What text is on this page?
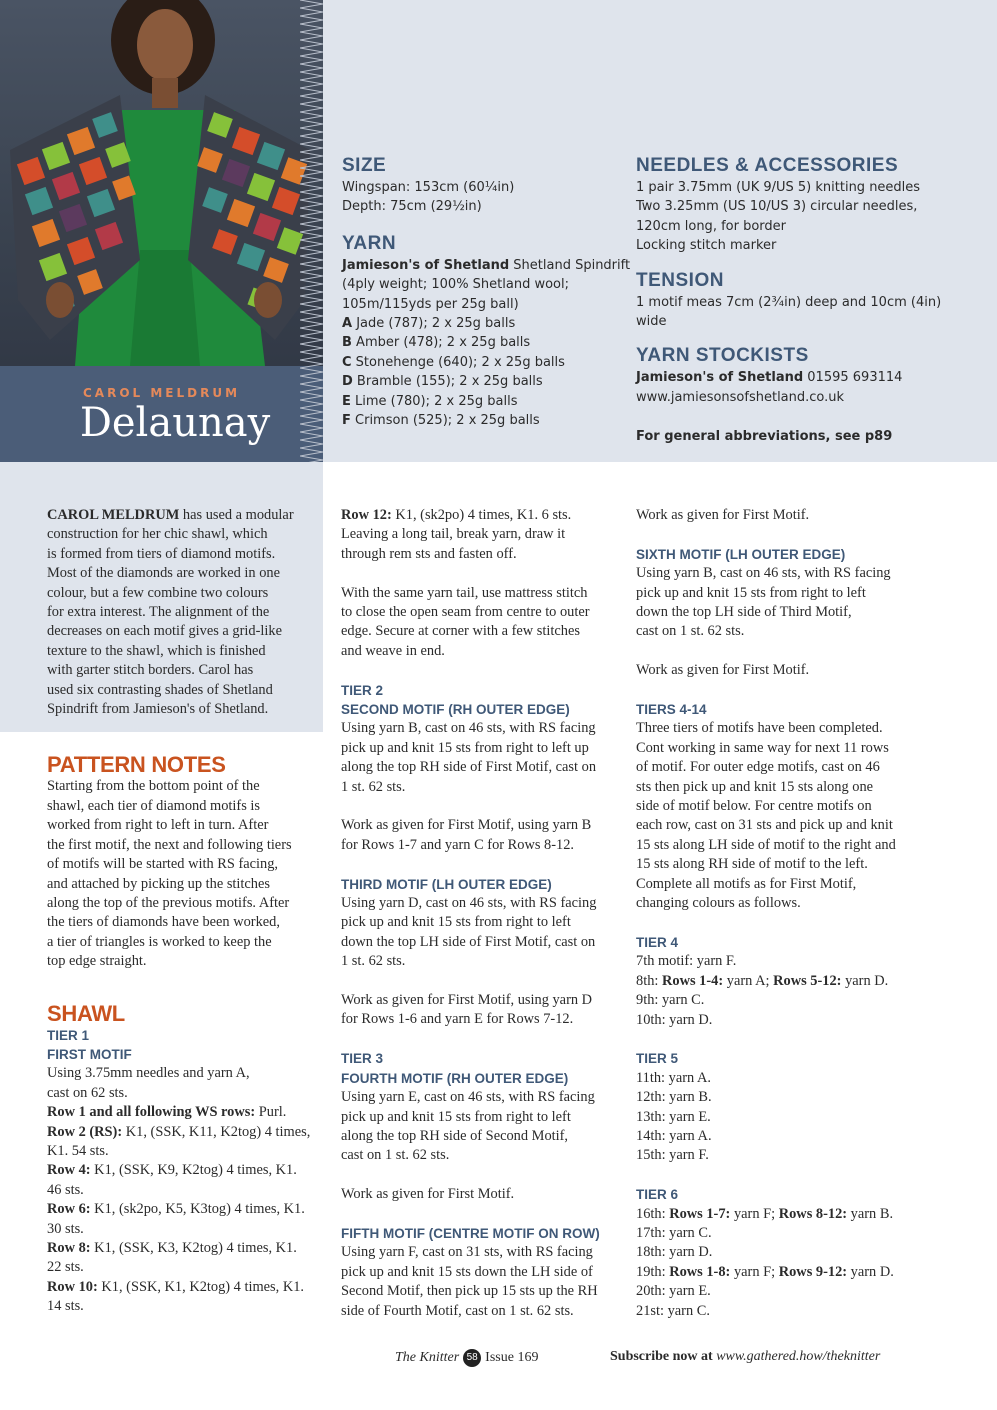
CAROL MELDRUM
Delaunay
SIZE
Wingspan: 153cm (60¼in)
Depth: 75cm (29½in)
YARN
Jamieson's of Shetland Shetland Spindrift
(4ply weight; 100% Shetland wool;
105m/115yds per 25g ball)
A Jade (787); 2 x 25g balls
B Amber (478); 2 x 25g balls
C Stonehenge (640); 2 x 25g balls
D Bramble (155); 2 x 25g balls
E Lime (780); 2 x 25g balls
F Crimson (525); 2 x 25g balls
NEEDLES & ACCESSORIES
1 pair 3.75mm (UK 9/US 5) knitting needles
Two 3.25mm (US 10/US 3) circular needles,
120cm long, for border
Locking stitch marker
TENSION
1 motif meas 7cm (2¾in) deep and 10cm (4in)
wide
YARN STOCKISTS
Jamieson's of Shetland 01595 693114
www.jamiesonsofshetland.co.uk
For general abbreviations, see p89

CAROL MELDRUM has used a modular

construction for her chic shawl, which

is formed from tiers of diamond motifs.

Most of the diamonds are worked in one

colour, but a few combine two colours

for extra interest. The alignment of the

decreases on each motif gives a grid-like

texture to the shawl, which is finished

with garter stitch borders. Carol has

used six contrasting shades of Shetland

Spindrift from Jamieson's of Shetland.

PATTERN NOTES

Starting from the bottom point of the

shawl, each tier of diamond motifs is

worked from right to left in turn. After

the first motif, the next and following tiers

of motifs will be started with RS facing,

and attached by picking up the stitches

along the top of the previous motifs. After

the tiers of diamonds have been worked,

a tier of triangles is worked to keep the

top edge straight.

SHAWL
TIER 1
FIRST MOTIF

Using 3.75mm needles and yarn A,

cast on 62 sts.

Row 1 and all following WS rows: Purl.

Row 2 (RS): K1, (SSK, K11, K2tog) 4 times,

K1. 54 sts.

Row 4: K1, (SSK, K9, K2tog) 4 times, K1.

46 sts.

Row 6: K1, (sk2po, K5, K3tog) 4 times, K1.

30 sts.

Row 8: K1, (SSK, K3, K2tog) 4 times, K1.

22 sts.

Row 10: K1, (SSK, K1, K2tog) 4 times, K1.

14 sts.

Row 12: K1, (sk2po) 4 times, K1. 6 sts.

Leaving a long tail, break yarn, draw it

through rem sts and fasten off.

With the same yarn tail, use mattress stitch

to close the open seam from centre to outer

edge. Secure at corner with a few stitches

and weave in end.

TIER 2
SECOND MOTIF (RH OUTER EDGE)

Using yarn B, cast on 46 sts, with RS facing

pick up and knit 15 sts from right to left up

along the top RH side of First Motif, cast on

1 st. 62 sts.

Work as given for First Motif, using yarn B

for Rows 1-7 and yarn C for Rows 8-12.

THIRD MOTIF (LH OUTER EDGE)

Using yarn D, cast on 46 sts, with RS facing

pick up and knit 15 sts from right to left

down the top LH side of First Motif, cast on

1 st. 62 sts.

Work as given for First Motif, using yarn D

for Rows 1-6 and yarn E for Rows 7-12.

TIER 3
FOURTH MOTIF (RH OUTER EDGE)

Using yarn E, cast on 46 sts, with RS facing

pick up and knit 15 sts from right to left

along the top RH side of Second Motif,

cast on 1 st. 62 sts.

Work as given for First Motif.

FIFTH MOTIF (CENTRE MOTIF ON ROW)

Using yarn F, cast on 31 sts, with RS facing

pick up and knit 15 sts down the LH side of

Second Motif, then pick up 15 sts up the RH

side of Fourth Motif, cast on 1 st. 62 sts.

Work as given for First Motif.

SIXTH MOTIF (LH OUTER EDGE)

Using yarn B, cast on 46 sts, with RS facing

pick up and knit 15 sts from right to left

down the top LH side of Third Motif,

cast on 1 st. 62 sts.

Work as given for First Motif.

TIERS 4-14

Three tiers of motifs have been completed.

Cont working in same way for next 11 rows

of motif. For outer edge motifs, cast on 46

sts then pick up and knit 15 sts along one

side of motif below. For centre motifs on

each row, cast on 31 sts and pick up and knit

15 sts along LH side of motif to the right and

15 sts along RH side of motif to the left.

Complete all motifs as for First Motif,

changing colours as follows.

TIER 4

7th motif: yarn F.

8th: Rows 1-4: yarn A; Rows 5-12: yarn D.

9th: yarn C.

10th: yarn D.

TIER 5

11th: yarn A.

12th: yarn B.

13th: yarn E.

14th: yarn A.

15th: yarn F.

TIER 6

16th: Rows 1-7: yarn F; Rows 8-12: yarn B.

17th: yarn C.

18th: yarn D.

19th: Rows 1-8: yarn F; Rows 9-12: yarn D.

20th: yarn E.

21st: yarn C.

The Knitter 58 Issue 169	Subscribe now at www.gathered.how/theknitter
